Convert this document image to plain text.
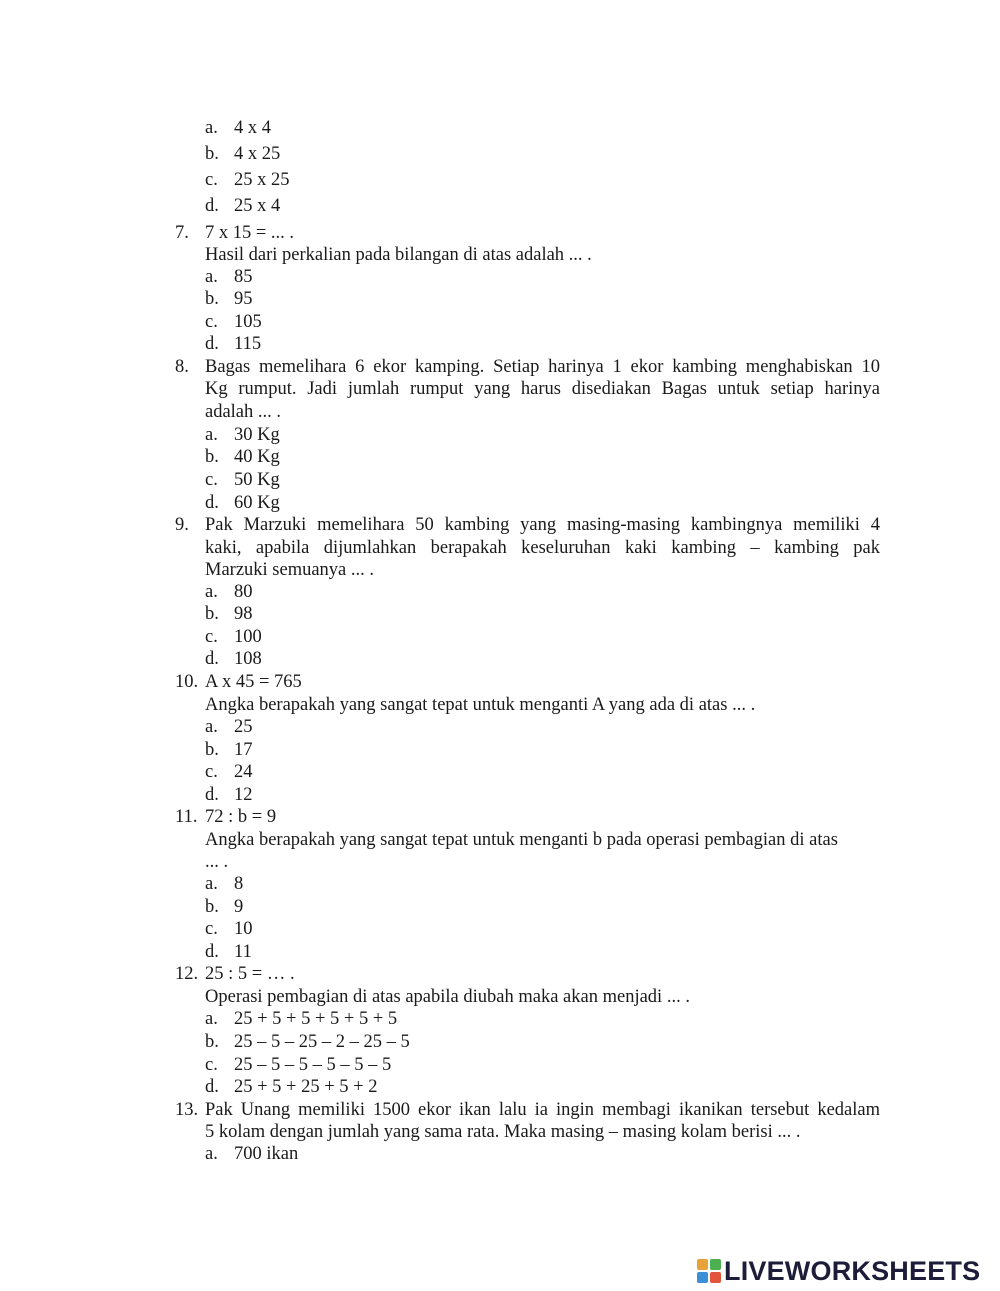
a. 4 x 4
b. 4 x 25
c. 25 x 25
d. 25 x 4
7. 7 x 15 = ... .
Hasil dari perkalian pada bilangan di atas adalah ... .
a. 85
b. 95
c. 105
d. 115
8. Bagas memelihara 6 ekor kamping. Setiap harinya 1 ekor kambing menghabiskan 10
Kg rumput. Jadi jumlah rumput yang harus disediakan Bagas untuk setiap harinya
adalah ... .
a. 30 Kg
b. 40 Kg
c. 50 Kg
d. 60 Kg
9. Pak Marzuki memelihara 50 kambing yang masing-masing kambingnya memiliki 4
kaki, apabila dijumlahkan berapakah keseluruhan kaki kambing – kambing pak
Marzuki semuanya ... .
a. 80
b. 98
c. 100
d. 108
10. A x 45 = 765
Angka berapakah yang sangat tepat untuk menganti A yang ada di atas ... .
a. 25
b. 17
c. 24
d. 12
11. 72 : b = 9
Angka berapakah yang sangat tepat untuk menganti b pada operasi pembagian di atas
... .
a. 8
b. 9
c. 10
d. 11
12. 25 : 5 = … .
Operasi pembagian di atas apabila diubah maka akan menjadi ... .
a. 25 + 5 + 5 + 5 + 5 + 5
b. 25 – 5 – 25 – 2 – 25 – 5
c. 25 – 5 – 5 – 5 – 5 – 5
d. 25 + 5 + 25 + 5 + 2
13. Pak Unang memiliki 1500 ekor ikan lalu ia ingin membagi ikanikan tersebut kedalam
5 kolam dengan jumlah yang sama rata. Maka masing – masing kolam berisi ... .
a. 700 ikan
LIVEWORKSHEETS
